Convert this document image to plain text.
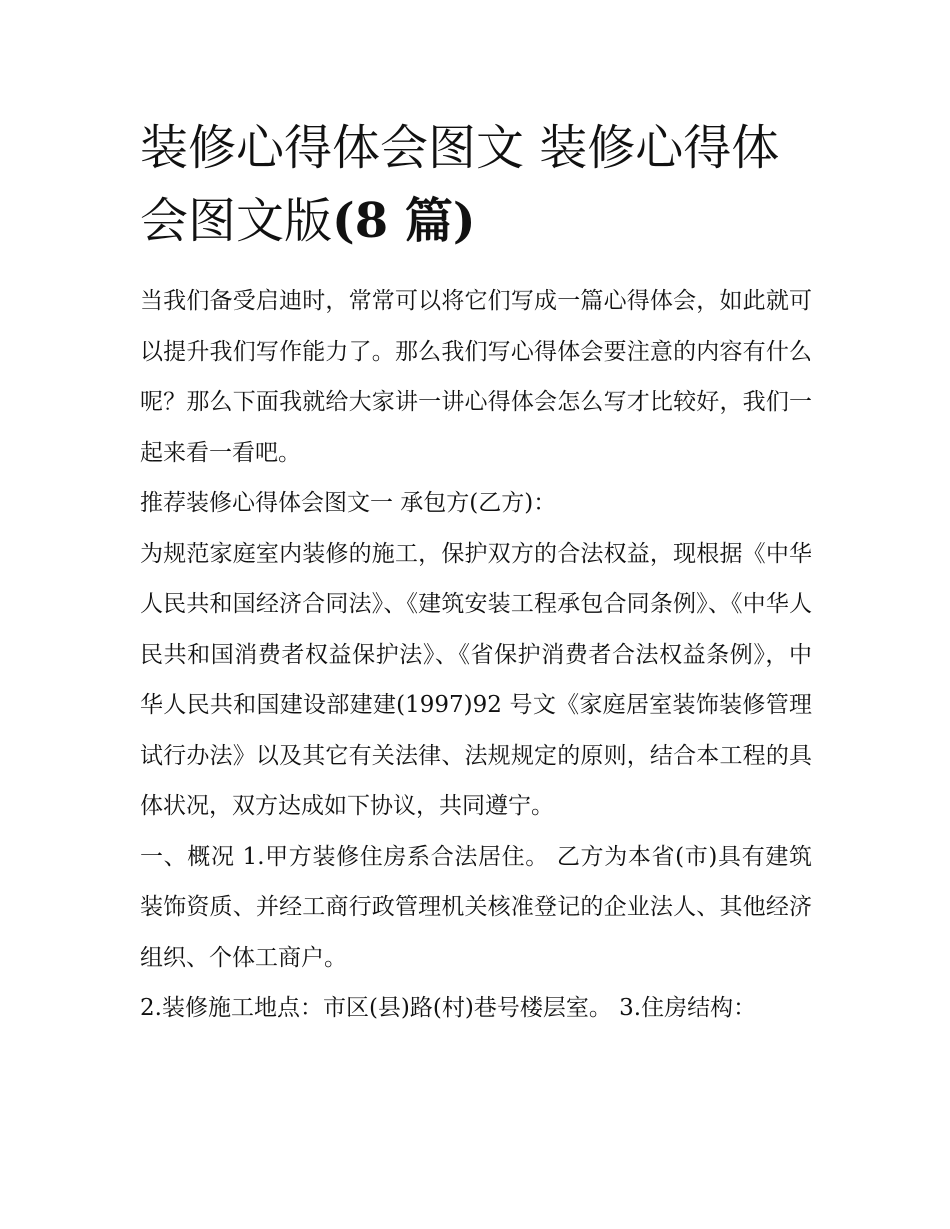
装修心得体会图文 装修心得体会图文版(8 篇)

当我们备受启迪时，常常可以将它们写成一篇心得体会，如此就可以提升我们写作能力了。那么我们写心得体会要注意的内容有什么呢？那么下面我就给大家讲一讲心得体会怎么写才比较好，我们一起来看一看吧。

推荐装修心得体会图文一 承包方(乙方)：

为规范家庭室内装修的施工，保护双方的合法权益，现根据《中华人民共和国经济合同法》、《建筑安装工程承包合同条例》、《中华人民共和国消费者权益保护法》、《省保护消费者合法权益条例》，中华人民共和国建设部建建(1997)92 号文《家庭居室装饰装修管理试行办法》以及其它有关法律、法规规定的原则，结合本工程的具体状况，双方达成如下协议，共同遵宁。

一、概况 1.甲方装修住房系合法居住。 乙方为本省(市)具有建筑装饰资质、并经工商行政管理机关核准登记的企业法人、其他经济组织、个体工商户。

2.装修施工地点：市区(县)路(村)巷号楼层室。 3.住房结构：
